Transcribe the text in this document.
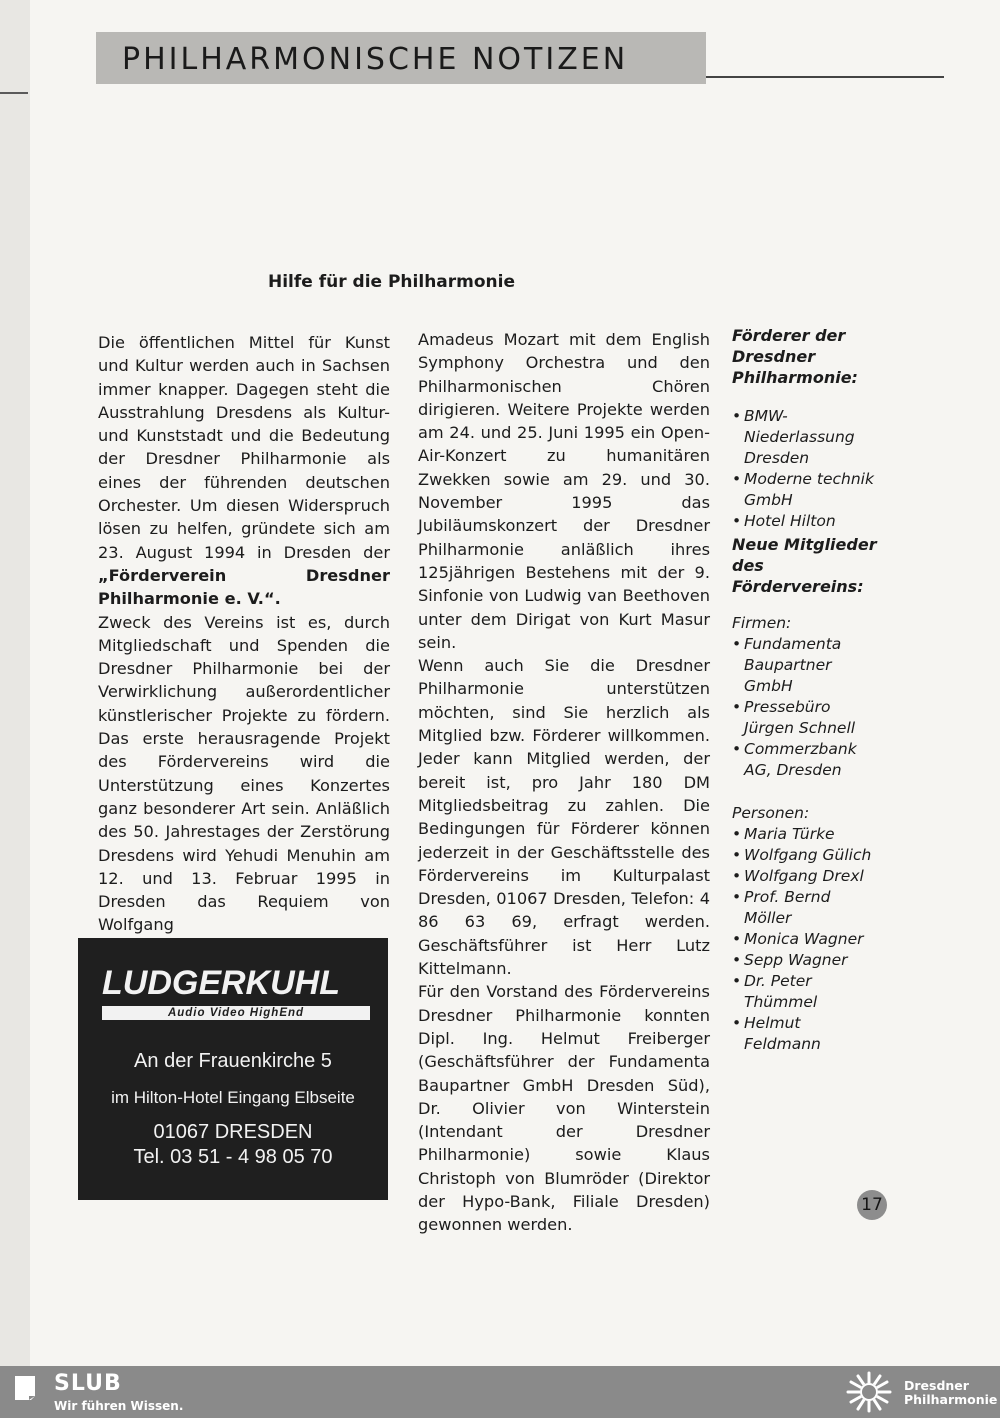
PHILHARMONISCHE NOTIZEN
Hilfe für die Philharmonie

Die öffentlichen Mittel für Kunst und Kultur werden auch in Sachsen immer knapper. Dagegen steht die Ausstrahlung Dresdens als Kultur- und Kunststadt und die Bedeutung der Dresdner Philharmonie als eines der führenden deutschen Orchester. Um diesen Widerspruch lösen zu helfen, gründete sich am 23. August 1994 in Dresden der „Förderverein Dresdner Philharmonie e. V.“.

Zweck des Vereins ist es, durch Mitgliedschaft und Spenden die Dresdner Philharmonie bei der Verwirklichung außerordentlicher künstlerischer Projekte zu fördern. Das erste herausragende Projekt des Fördervereins wird die Unterstützung eines Konzertes ganz besonderer Art sein. Anläßlich des 50. Jahrestages der Zerstörung Dresdens wird Yehudi Menuhin am 12. und 13. Februar 1995 in Dresden das Requiem von Wolfgang

Amadeus Mozart mit dem English Symphony Orchestra und den Philharmonischen Chören dirigieren. Weitere Projekte werden am 24. und 25. Juni 1995 ein Open-Air-Konzert zu humanitären Zwekken sowie am 29. und 30. November 1995 das Jubiläumskonzert der Dresdner Philharmonie anläßlich ihres 125jährigen Bestehens mit der 9. Sinfonie von Ludwig van Beethoven unter dem Dirigat von Kurt Masur sein.

Wenn auch Sie die Dresdner Philharmonie unterstützen möchten, sind Sie herzlich als Mitglied bzw. Förderer willkommen. Jeder kann Mitglied werden, der bereit ist, pro Jahr 180 DM Mitgliedsbeitrag zu zahlen. Die Bedingungen für Förderer können jederzeit in der Geschäftsstelle des Fördervereins im Kulturpalast Dresden, 01067 Dresden, Telefon: 4 86 63 69, erfragt werden. Geschäftsführer ist Herr Lutz Kittelmann.

Für den Vorstand des Fördervereins Dresdner Philharmonie konnten Dipl. Ing. Helmut Freiberger (Geschäftsführer der Fundamenta Baupartner GmbH Dresden Süd), Dr. Olivier von Winterstein (Intendant der Dresdner Philharmonie) sowie Klaus Christoph von Blumröder (Direktor der Hypo-Bank, Filiale Dresden) gewonnen werden.

Förderer der Dresdner Philharmonie:
• BMW-Niederlassung Dresden
• Moderne technik GmbH
• Hotel Hilton
Neue Mitglieder des Fördervereins:

Firmen:

• Fundamenta Baupartner GmbH
• Pressebüro Jürgen Schnell
• Commerzbank AG, Dresden

Personen:

• Maria Türke
• Wolfgang Gülich
• Wolfgang Drexl
• Prof. Bernd Möller
• Monica Wagner
• Sepp Wagner
• Dr. Peter Thümmel
• Helmut Feldmann
LUDGERKUHL
Audio Video HighEnd
An der Frauenkirche 5
im Hilton-Hotel Eingang Elbseite
01067 DRESDEN
Tel. 03 51 - 4 98 05 70
17
SLUB
Wir führen Wissen.
Dresdner
Philharmonie
